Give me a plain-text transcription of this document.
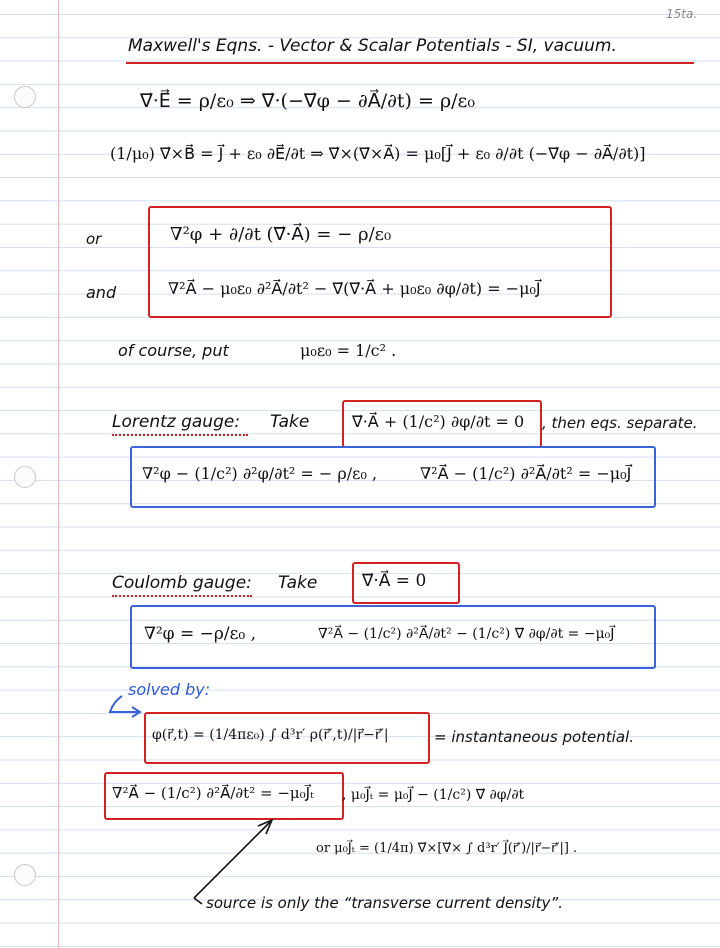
15ta.
Maxwell's Eqns. - Vector & Scalar Potentials - SI, vacuum.
∇⃗·E⃗ = ρ/ε₀ ⇒ ∇⃗·(−∇⃗φ − ∂A⃗/∂t) = ρ/ε₀
(1/μ₀) ∇⃗×B⃗ = J⃗ + ε₀ ∂E⃗/∂t ⇒ ∇⃗×(∇⃗×A⃗) = μ₀[J⃗ + ε₀ ∂/∂t (−∇⃗φ − ∂A⃗/∂t)]
or
and
∇²φ + ∂/∂t (∇⃗·A⃗) = − ρ/ε₀
∇²A⃗ − μ₀ε₀ ∂²A⃗/∂t² − ∇⃗(∇⃗·A⃗ + μ₀ε₀ ∂φ/∂t) = −μ₀J⃗
of course, put	μ₀ε₀ = 1/c² .
Lorentz gauge: Take	∇⃗·A⃗ + (1/c²) ∂φ/∂t = 0 , then eqs. separate.
∇²φ − (1/c²) ∂²φ/∂t² = − ρ/ε₀ ,	∇²A⃗ − (1/c²) ∂²A⃗/∂t² = −μ₀J⃗
Coulomb gauge: Take	∇⃗·A⃗ = 0
∇²φ = −ρ/ε₀ ,	∇²A⃗ − (1/c²) ∂²A⃗/∂t² − (1/c²) ∇⃗ ∂φ/∂t = −μ₀J⃗
solved by:
φ(r⃗,t) = (1/4πε₀) ∫ d³r′ ρ(r⃗′,t)/|r⃗−r⃗′|	= instantaneous potential.
∇²A⃗ − (1/c²) ∂²A⃗/∂t² = −μ₀J⃗ₜ , μ₀J⃗ₜ = μ₀J⃗ − (1/c²) ∇⃗ ∂φ/∂t
or μ₀J⃗ₜ = (1/4π) ∇⃗×[∇⃗× ∫ d³r′ J⃗(r⃗′)/|r⃗−r⃗′|] .
source is only the “transverse current density”.
